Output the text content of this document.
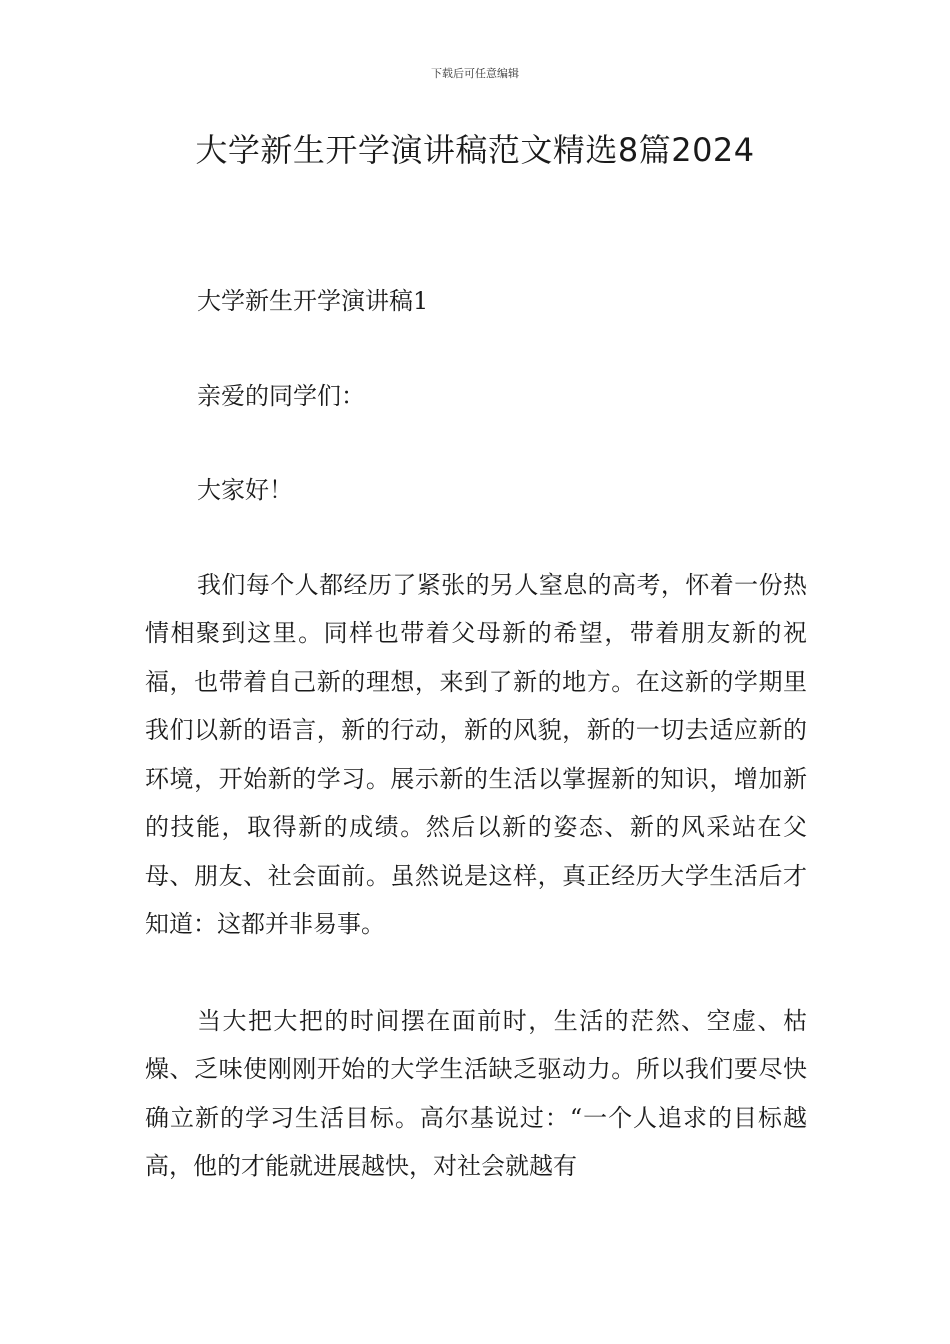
下载后可任意编辑
大学新生开学演讲稿范文精选8篇2024

大学新生开学演讲稿1

亲爱的同学们：

大家好！

我们每个人都经历了紧张的另人窒息的高考，怀着一份热情相聚到这里。同样也带着父母新的希望，带着朋友新的祝福，也带着自己新的理想，来到了新的地方。在这新的学期里我们以新的语言，新的行动，新的风貌，新的一切去适应新的环境，开始新的学习。展示新的生活以掌握新的知识，增加新的技能，取得新的成绩。然后以新的姿态、新的风采站在父母、朋友、社会面前。虽然说是这样，真正经历大学生活后才知道：这都并非易事。

当大把大把的时间摆在面前时，生活的茫然、空虚、枯燥、乏味使刚刚开始的大学生活缺乏驱动力。所以我们要尽快确立新的学习生活目标。高尔基说过：“一个人追求的目标越高，他的才能就进展越快，对社会就越有
